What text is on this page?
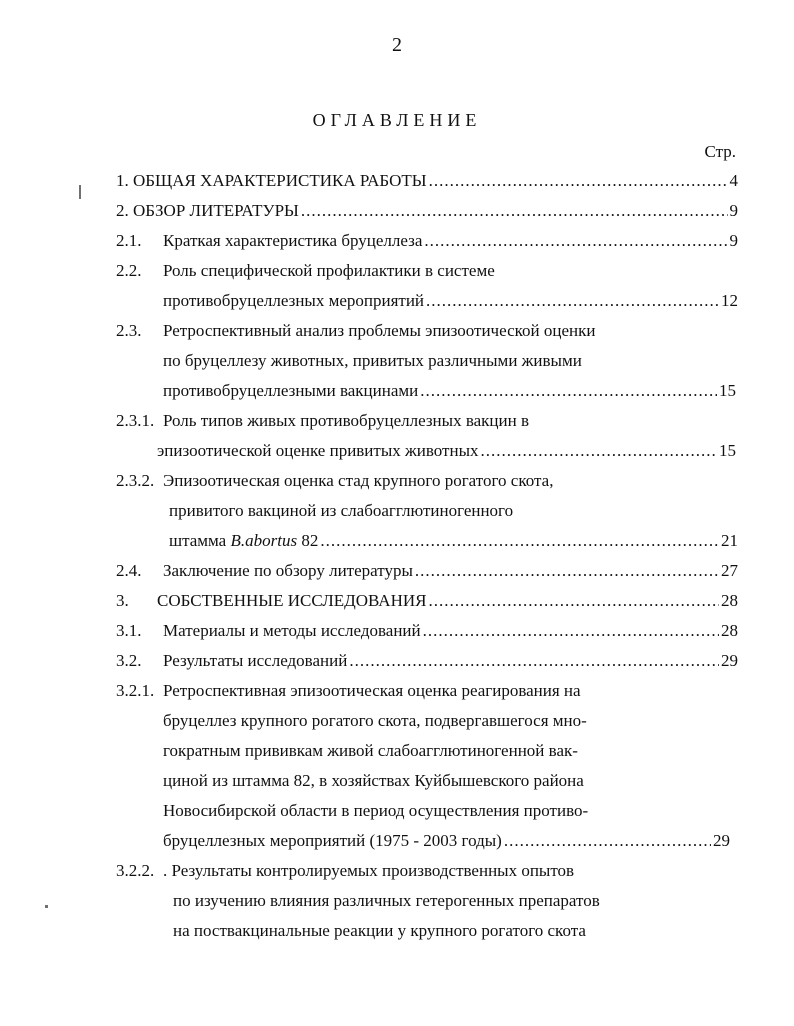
2
ОГЛАВЛЕНИЕ
Стр.
1. ОБЩАЯ ХАРАКТЕРИСТИКА РАБОТЫ .....	4
2. ОБЗОР ЛИТЕРАТУРЫ .....	9
2.1. Краткая характеристика бруцеллеза .....	9
2.2. Роль специфической профилактики в системе
противобруцеллезных мероприятий .....	12
2.3. Ретроспективный анализ проблемы эпизоотической оценки
по бруцеллезу животных, привитых различными живыми
противобруцеллезными вакцинами .....	15
2.3.1. Роль типов живых противобруцеллезных вакцин в
эпизоотической оценке привитых животных .....	15
2.3.2. Эпизоотическая оценка стад крупного рогатого скота,
привитого вакциной из слабоагглютиногенного
штамма B.abortus 82 .....	21
2.4. Заключение по обзору литературы .....	27
3. СОБСТВЕННЫЕ ИССЛЕДОВАНИЯ .....	28
3.1. Материалы и методы исследований .....	28
3.2. Результаты исследований .....	29
3.2.1. Ретроспективная эпизоотическая оценка реагирования на
бруцеллез крупного рогатого скота, подвергавшегося мно-
гократным прививкам живой слабоагглютиногенной вак-
циной из штамма 82, в хозяйствах Куйбышевского района
Новосибирской области в период осуществления противо-
бруцеллезных мероприятий (1975 - 2003 годы) .....	29
3.2.2. . Результаты контролируемых производственных опытов
по изучению влияния различных гетерогенных препаратов
на поствакцинальные реакции у крупного рогатого скота
